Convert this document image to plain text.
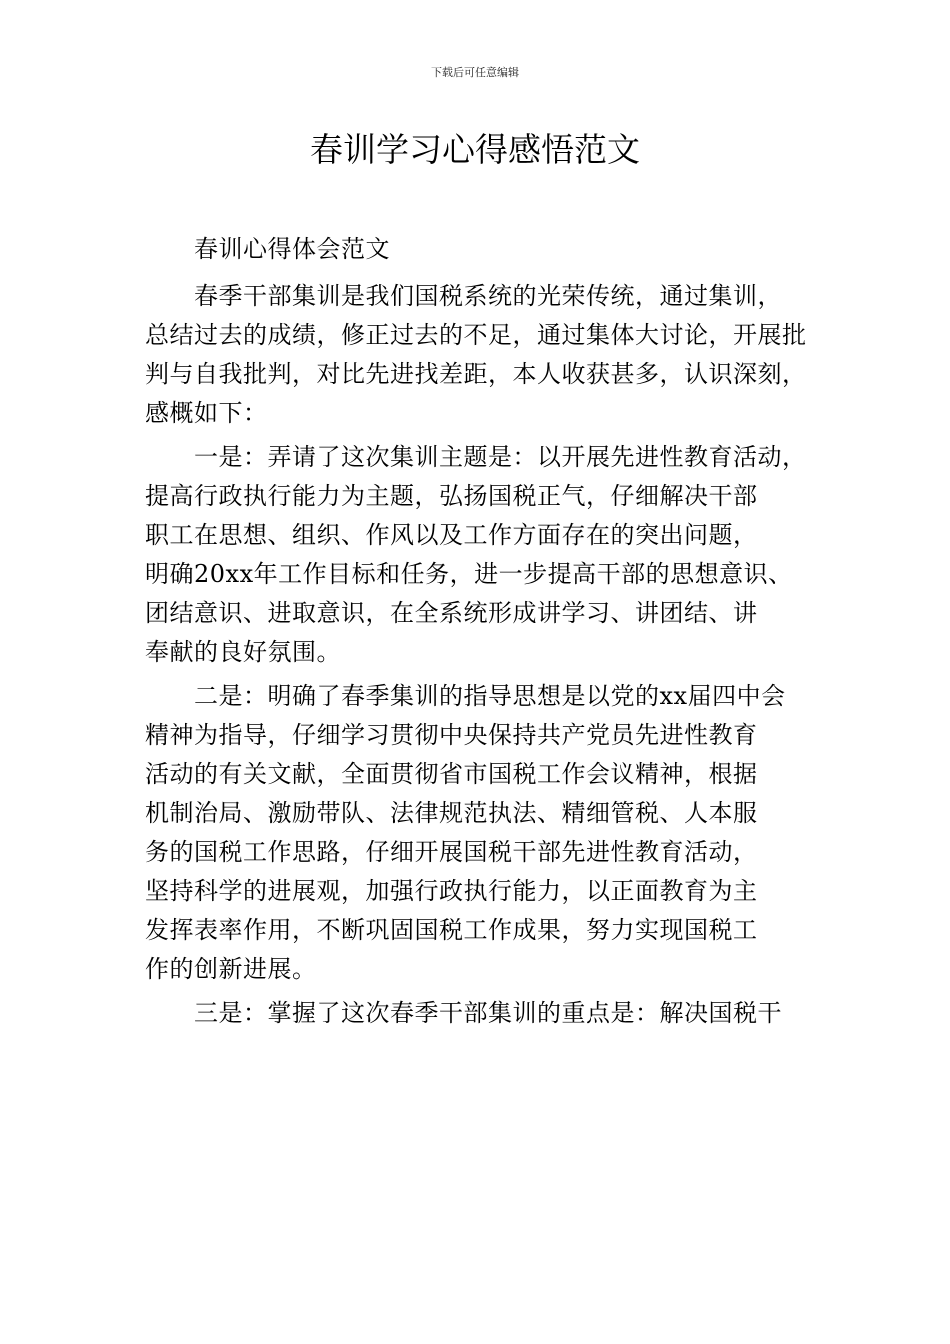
下载后可任意编辑
春训学习心得感悟范文

春训心得体会范文

春季干部集训是我们国税系统的光荣传统，通过集训，
总结过去的成绩，修正过去的不足，通过集体大讨论，开展批
判与自我批判，对比先进找差距，本人收获甚多，认识深刻，
感概如下：

一是：弄请了这次集训主题是：以开展先进性教育活动，
提高行政执行能力为主题，弘扬国税正气，仔细解决干部
职工在思想、组织、作风以及工作方面存在的突出问题，
明确20xx年工作目标和任务，进一步提高干部的思想意识、
团结意识、进取意识，在全系统形成讲学习、讲团结、讲
奉献的良好氛围。

二是：明确了春季集训的指导思想是以党的xx届四中会
精神为指导，仔细学习贯彻中央保持共产党员先进性教育
活动的有关文献，全面贯彻省市国税工作会议精神，根据
机制治局、激励带队、法律规范执法、精细管税、人本服
务的国税工作思路，仔细开展国税干部先进性教育活动，
坚持科学的进展观，加强行政执行能力，以正面教育为主
发挥表率作用，不断巩固国税工作成果，努力实现国税工
作的创新进展。

三是：掌握了这次春季干部集训的重点是：解决国税干
